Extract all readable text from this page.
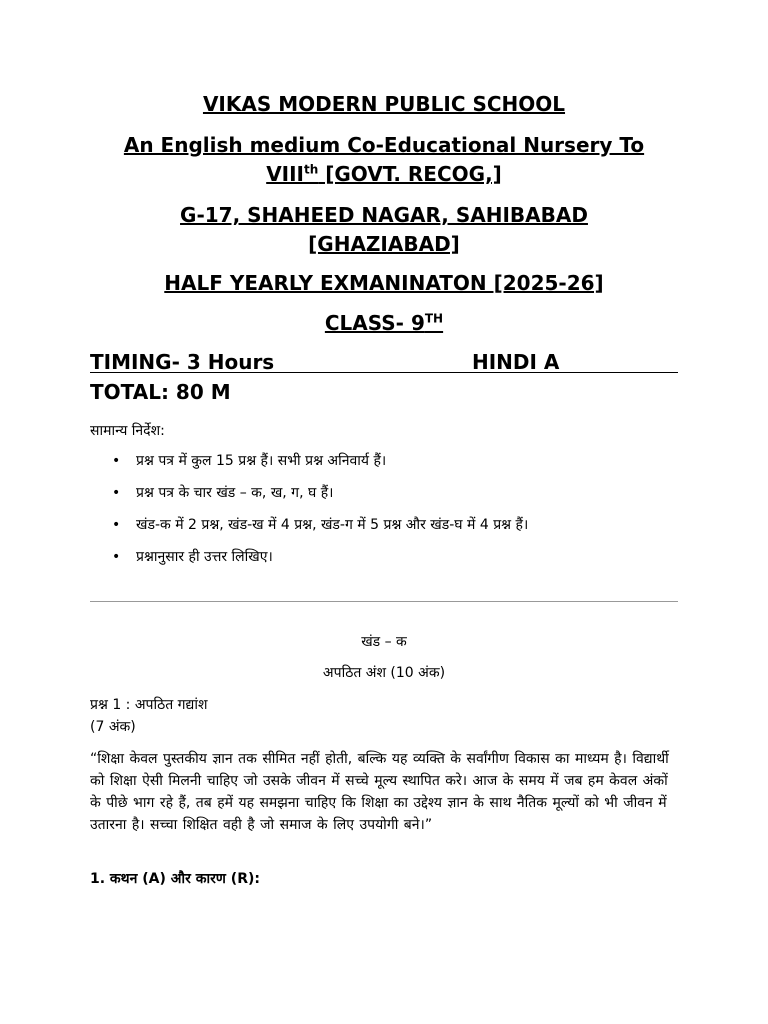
VIKAS MODERN PUBLIC SCHOOL
An English medium Co-Educational Nursery To
VIIIth [GOVT. RECOG,]
G-17, SHAHEED NAGAR, SAHIBABAD
[GHAZIABAD]
HALF YEARLY EXMANINATON [2025-26]
CLASS- 9TH
TIMING- 3 Hours	HINDI A
TOTAL: 80 M
सामान्य निर्देश:
• प्रश्न पत्र में कुल 15 प्रश्न हैं। सभी प्रश्न अनिवार्य हैं।
• प्रश्न पत्र के चार खंड – क, ख, ग, घ हैं।
• खंड-क में 2 प्रश्न, खंड-ख में 4 प्रश्न, खंड-ग में 5 प्रश्न और खंड-घ में 4 प्रश्न हैं।
• प्रश्नानुसार ही उत्तर लिखिए।
खंड – क
अपठित अंश (10 अंक)
प्रश्न 1 : अपठित गद्यांश
(7 अंक)
“शिक्षा केवल पुस्तकीय ज्ञान तक सीमित नहीं होती, बल्कि यह व्यक्ति के सर्वांगीण विकास का माध्यम है। विद्यार्थी को शिक्षा ऐसी मिलनी चाहिए जो उसके जीवन में सच्चे मूल्य स्थापित करे। आज के समय में जब हम केवल अंकों के पीछे भाग रहे हैं, तब हमें यह समझना चाहिए कि शिक्षा का उद्देश्य ज्ञान के साथ नैतिक मूल्यों को भी जीवन में उतारना है। सच्चा शिक्षित वही है जो समाज के लिए उपयोगी बने।”
1. कथन (A) और कारण (R):
